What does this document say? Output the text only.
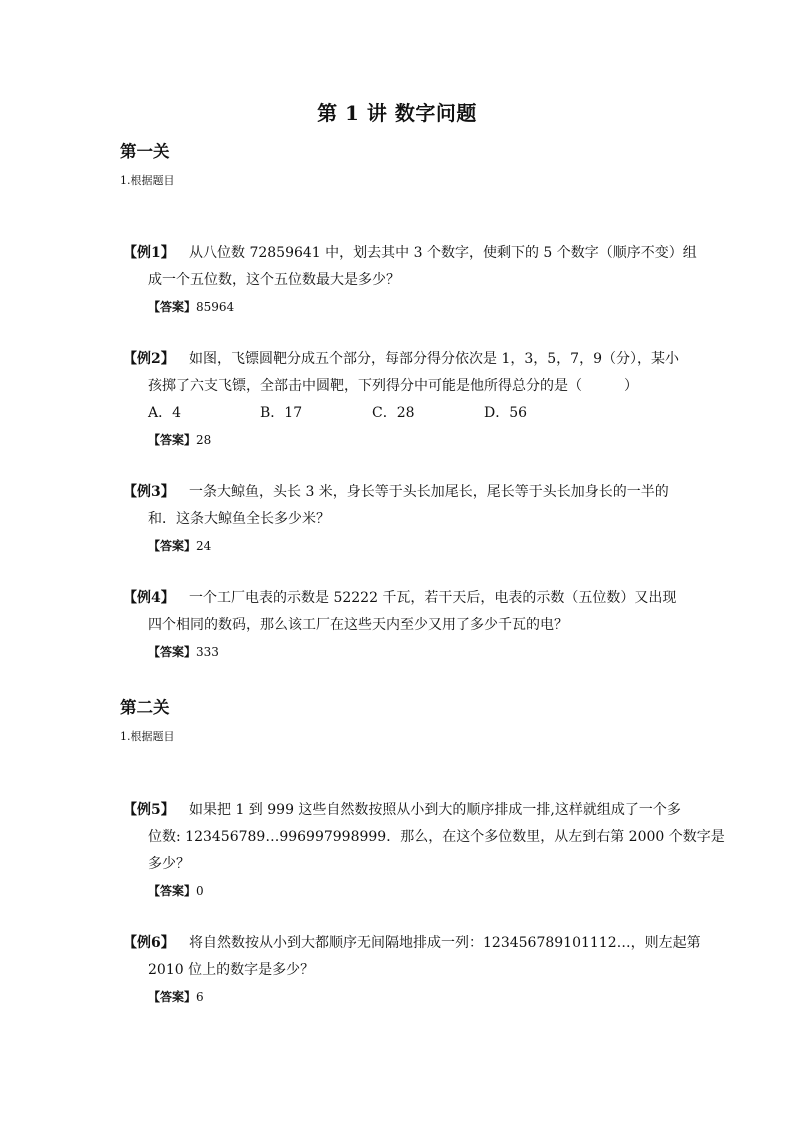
第 1 讲 数字问题
第一关
1.根据题目
【例1】 从八位数 72859641 中，划去其中 3 个数字，使剩下的 5 个数字（顺序不变）组
成一个五位数，这个五位数最大是多少？
【答案】85964
【例2】 如图，飞镖圆靶分成五个部分，每部分得分依次是 1，3，5，7，9（分），某小
孩掷了六支飞镖，全部击中圆靶，下列得分中可能是他所得总分的是（　　　）
A．4	B．17	C．28	D．56
【答案】28
【例3】 一条大鲸鱼，头长 3 米，身长等于头长加尾长，尾长等于头长加身长的一半的
和．这条大鲸鱼全长多少米？
【答案】24
【例4】 一个工厂电表的示数是 52222 千瓦，若干天后，电表的示数（五位数）又出现
四个相同的数码，那么该工厂在这些天内至少又用了多少千瓦的电？
【答案】333
第二关
1.根据题目
【例5】 如果把 1 到 999 这些自然数按照从小到大的顺序排成一排,这样就组成了一个多
位数: 123456789…996997998999．那么，在这个多位数里，从左到右第 2000 个数字是
多少？
【答案】0
【例6】 将自然数按从小到大都顺序无间隔地排成一列：123456789101112…，则左起第
2010 位上的数字是多少？
【答案】6
